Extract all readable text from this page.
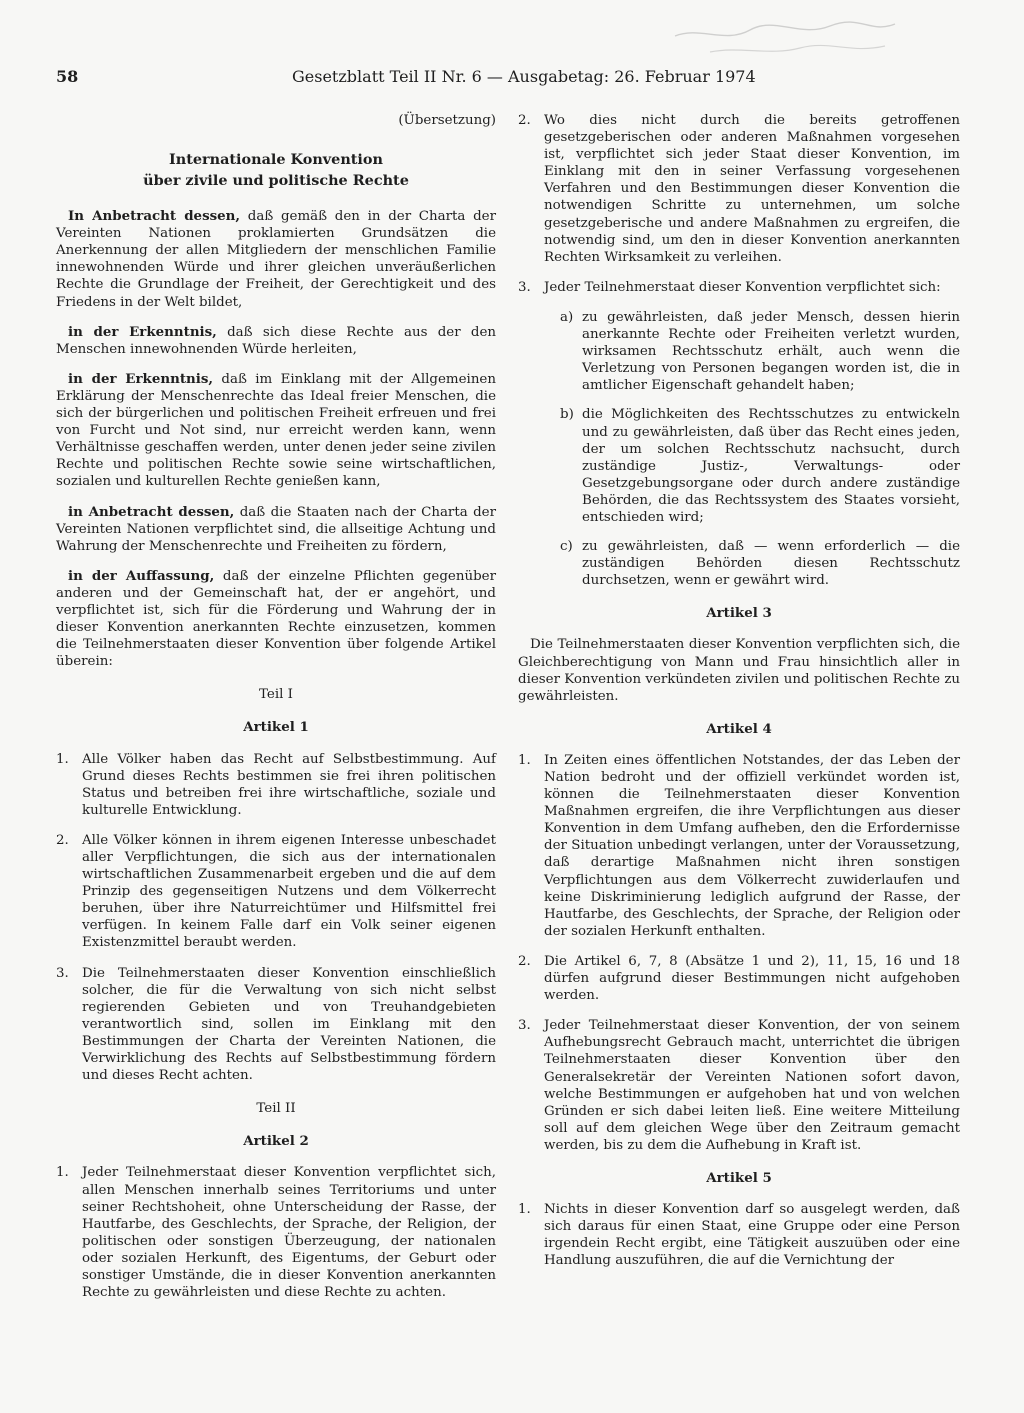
58	Gesetzblatt Teil II Nr. 6 — Ausgabetag: 26. Februar 1974

(Übersetzung)

Internationale Konvention
über zivile und politische Rechte

In Anbetracht dessen, daß gemäß den in der Charta der Vereinten Nationen proklamierten Grundsätzen die Anerkennung der allen Mitgliedern der menschlichen Familie innewohnenden Würde und ihrer gleichen unveräußerlichen Rechte die Grundlage der Freiheit, der Gerechtigkeit und des Friedens in der Welt bildet,

in der Erkenntnis, daß sich diese Rechte aus der den Menschen innewohnenden Würde herleiten,

in der Erkenntnis, daß im Einklang mit der Allgemeinen Erklärung der Menschenrechte das Ideal freier Menschen, die sich der bürgerlichen und politischen Freiheit erfreuen und frei von Furcht und Not sind, nur erreicht werden kann, wenn Verhältnisse geschaffen werden, unter denen jeder seine zivilen Rechte und politischen Rechte sowie seine wirtschaftlichen, sozialen und kulturellen Rechte genießen kann,

in Anbetracht dessen, daß die Staaten nach der Charta der Vereinten Nationen verpflichtet sind, die allseitige Achtung und Wahrung der Menschenrechte und Freiheiten zu fördern,

in der Auffassung, daß der einzelne Pflichten gegenüber anderen und der Gemeinschaft hat, der er angehört, und verpflichtet ist, sich für die Förderung und Wahrung der in dieser Konvention anerkannten Rechte einzusetzen, kommen die Teilnehmerstaaten dieser Konvention über folgende Artikel überein:

Teil I

Artikel 1

1. Alle Völker haben das Recht auf Selbstbestimmung. Auf Grund dieses Rechts bestimmen sie frei ihren politischen Status und betreiben frei ihre wirtschaftliche, soziale und kulturelle Entwicklung.
2. Alle Völker können in ihrem eigenen Interesse unbeschadet aller Verpflichtungen, die sich aus der internationalen wirtschaftlichen Zusammenarbeit ergeben und die auf dem Prinzip des gegenseitigen Nutzens und dem Völkerrecht beruhen, über ihre Naturreichtümer und Hilfsmittel frei verfügen. In keinem Falle darf ein Volk seiner eigenen Existenzmittel beraubt werden.
3. Die Teilnehmerstaaten dieser Konvention einschließlich solcher, die für die Verwaltung von sich nicht selbst regierenden Gebieten und von Treuhandgebieten verantwortlich sind, sollen im Einklang mit den Bestimmungen der Charta der Vereinten Nationen, die Verwirklichung des Rechts auf Selbstbestimmung fördern und dieses Recht achten.

Teil II

Artikel 2

1. Jeder Teilnehmerstaat dieser Konvention verpflichtet sich, allen Menschen innerhalb seines Territoriums und unter seiner Rechtshoheit, ohne Unterscheidung der Rasse, der Hautfarbe, des Geschlechts, der Sprache, der Religion, der politischen oder sonstigen Überzeugung, der nationalen oder sozialen Herkunft, des Eigentums, der Geburt oder sonstiger Umstände, die in dieser Konvention anerkannten Rechte zu gewährleisten und diese Rechte zu achten.
2. Wo dies nicht durch die bereits getroffenen gesetzgeberischen oder anderen Maßnahmen vorgesehen ist, verpflichtet sich jeder Staat dieser Konvention, im Einklang mit den in seiner Verfassung vorgesehenen Verfahren und den Bestimmungen dieser Konvention die notwendigen Schritte zu unternehmen, um solche gesetzgeberische und andere Maßnahmen zu ergreifen, die notwendig sind, um den in dieser Konvention anerkannten Rechten Wirksamkeit zu verleihen.
3. Jeder Teilnehmerstaat dieser Konvention verpflichtet sich:
a) zu gewährleisten, daß jeder Mensch, dessen hierin anerkannte Rechte oder Freiheiten verletzt wurden, wirksamen Rechtsschutz erhält, auch wenn die Verletzung von Personen begangen worden ist, die in amtlicher Eigenschaft gehandelt haben;
b) die Möglichkeiten des Rechtsschutzes zu entwickeln und zu gewährleisten, daß über das Recht eines jeden, der um solchen Rechtsschutz nachsucht, durch zuständige Justiz-, Verwaltungs- oder Gesetzgebungsorgane oder durch andere zuständige Behörden, die das Rechtssystem des Staates vorsieht, entschieden wird;
c) zu gewährleisten, daß — wenn erforderlich — die zuständigen Behörden diesen Rechtsschutz durchsetzen, wenn er gewährt wird.

Artikel 3

Die Teilnehmerstaaten dieser Konvention verpflichten sich, die Gleichberechtigung von Mann und Frau hinsichtlich aller in dieser Konvention verkündeten zivilen und politischen Rechte zu gewährleisten.

Artikel 4

1. In Zeiten eines öffentlichen Notstandes, der das Leben der Nation bedroht und der offiziell verkündet worden ist, können die Teilnehmerstaaten dieser Konvention Maßnahmen ergreifen, die ihre Verpflichtungen aus dieser Konvention in dem Umfang aufheben, den die Erfordernisse der Situation unbedingt verlangen, unter der Voraussetzung, daß derartige Maßnahmen nicht ihren sonstigen Verpflichtungen aus dem Völkerrecht zuwiderlaufen und keine Diskriminierung lediglich aufgrund der Rasse, der Hautfarbe, des Geschlechts, der Sprache, der Religion oder der sozialen Herkunft enthalten.
2. Die Artikel 6, 7, 8 (Absätze 1 und 2), 11, 15, 16 und 18 dürfen aufgrund dieser Bestimmungen nicht aufgehoben werden.
3. Jeder Teilnehmerstaat dieser Konvention, der von seinem Aufhebungsrecht Gebrauch macht, unterrichtet die übrigen Teilnehmerstaaten dieser Konvention über den Generalsekretär der Vereinten Nationen sofort davon, welche Bestimmungen er aufgehoben hat und von welchen Gründen er sich dabei leiten ließ. Eine weitere Mitteilung soll auf dem gleichen Wege über den Zeitraum gemacht werden, bis zu dem die Aufhebung in Kraft ist.

Artikel 5

1. Nichts in dieser Konvention darf so ausgelegt werden, daß sich daraus für einen Staat, eine Gruppe oder eine Person irgendein Recht ergibt, eine Tätigkeit auszuüben oder eine Handlung auszuführen, die auf die Vernichtung der
